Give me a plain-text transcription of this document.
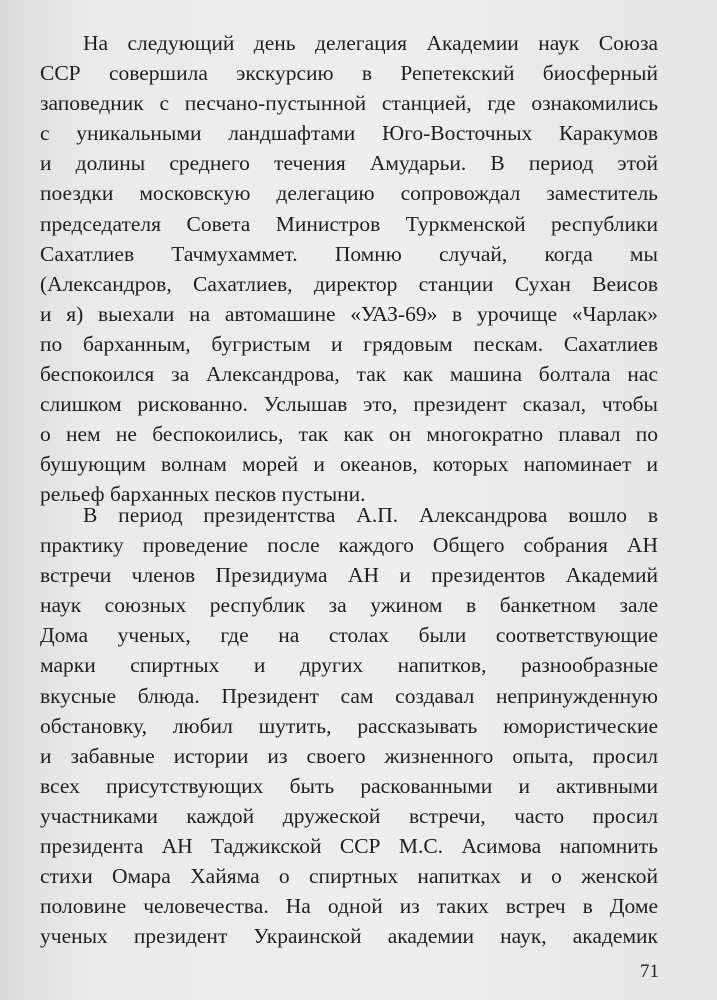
На следующий день делегация Академии наук Союза
ССР совершила экскурсию в Репетекский биосферный
заповедник с песчано-пустынной станцией, где ознакомились
с уникальными ландшафтами Юго-Восточных Каракумов
и долины среднего течения Амударьи. В период этой
поездки московскую делегацию сопровождал заместитель
председателя Совета Министров Туркменской республики
Сахатлиев Тачмухаммет. Помню случай, когда мы
(Александров, Сахатлиев, директор станции Сухан Веисов
и я) выехали на автомашине «УАЗ-69» в урочище «Чарлак»
по барханным, бугристым и грядовым пескам. Сахатлиев
беспокоился за Александрова, так как машина болтала нас
слишком рискованно. Услышав это, президент сказал, чтобы
о нем не беспокоились, так как он многократно плавал по
бушующим волнам морей и океанов, которых напоминает и
рельеф барханных песков пустыни.
В период президентства А.П. Александрова вошло в
практику проведение после каждого Общего собрания АН
встречи членов Президиума АН и президентов Академий
наук союзных республик за ужином в банкетном зале
Дома ученых, где на столах были соответствующие
марки спиртных и других напитков, разнообразные
вкусные блюда. Президент сам создавал непринужденную
обстановку, любил шутить, рассказывать юмористические
и забавные истории из своего жизненного опыта, просил
всех присутствующих быть раскованными и активными
участниками каждой дружеской встречи, часто просил
президента АН Таджикской ССР М.С. Асимова напомнить
стихи Омара Хайяма о спиртных напитках и о женской
половине человечества. На одной из таких встреч в Доме
ученых президент Украинской академии наук, академик
71
